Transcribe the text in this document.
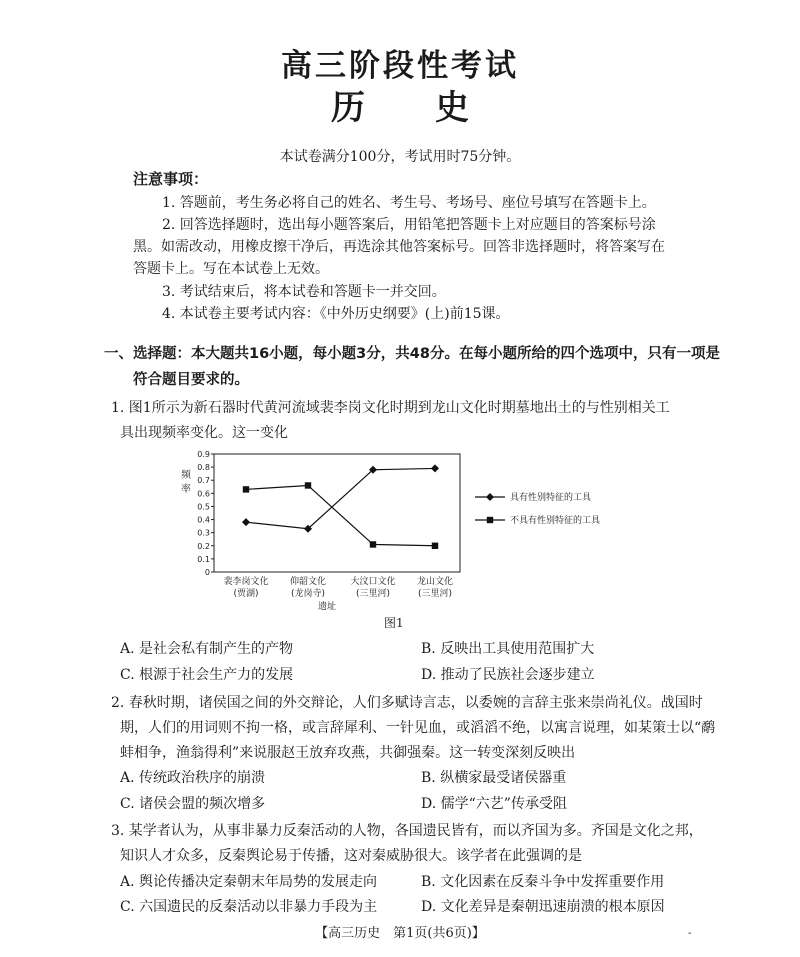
高三阶段性考试
历 史
本试卷满分100分，考试用时75分钟。
注意事项：
1. 答题前，考生务必将自己的姓名、考生号、考场号、座位号填写在答题卡上。
2. 回答选择题时，选出每小题答案后，用铅笔把答题卡上对应题目的答案标号涂
黑。如需改动，用橡皮擦干净后，再选涂其他答案标号。回答非选择题时，将答案写在
答题卡上。写在本试卷上无效。
3. 考试结束后，将本试卷和答题卡一并交回。
4. 本试卷主要考试内容：《中外历史纲要》(上)前15课。
一、选择题：本大题共16小题，每小题3分，共48分。在每小题所给的四个选项中，只有一项是
符合题目要求的。
1. 图1所示为新石器时代黄河流域裴李岗文化时期到龙山文化时期墓地出土的与性别相关工
具出现频率变化。这一变化
0
0.1
0.2
0.3
0.4
0.5
0.6
0.7
0.8
0.9
频
率
裴李岗文化
(贾湖)
仰韶文化
(龙岗寺)
大汶口文化
(三里河)
龙山文化
(三里河)
遗址
具有性别特征的工具
不具有性别特征的工具
图1
A. 是社会私有制产生的产物	B. 反映出工具使用范围扩大
C. 根源于社会生产力的发展	D. 推动了民族社会逐步建立
2. 春秋时期，诸侯国之间的外交辩论，人们多赋诗言志，以委婉的言辞主张来崇尚礼仪。战国时
期，人们的用词则不拘一格，或言辞犀利、一针见血，或滔滔不绝，以寓言说理，如某策士以“鹬
蚌相争，渔翁得利”来说服赵王放弃攻燕，共御强秦。这一转变深刻反映出
A. 传统政治秩序的崩溃	B. 纵横家最受诸侯器重
C. 诸侯会盟的频次增多	D. 儒学“六艺”传承受阻
3. 某学者认为，从事非暴力反秦活动的人物，各国遗民皆有，而以齐国为多。齐国是文化之邦，
知识人才众多，反秦舆论易于传播，这对秦威胁很大。该学者在此强调的是
A. 舆论传播决定秦朝末年局势的发展走向	B. 文化因素在反秦斗争中发挥重要作用
C. 六国遗民的反秦活动以非暴力手段为主	D. 文化差异是秦朝迅速崩溃的根本原因
【高三历史　第1页(共6页)】	-
